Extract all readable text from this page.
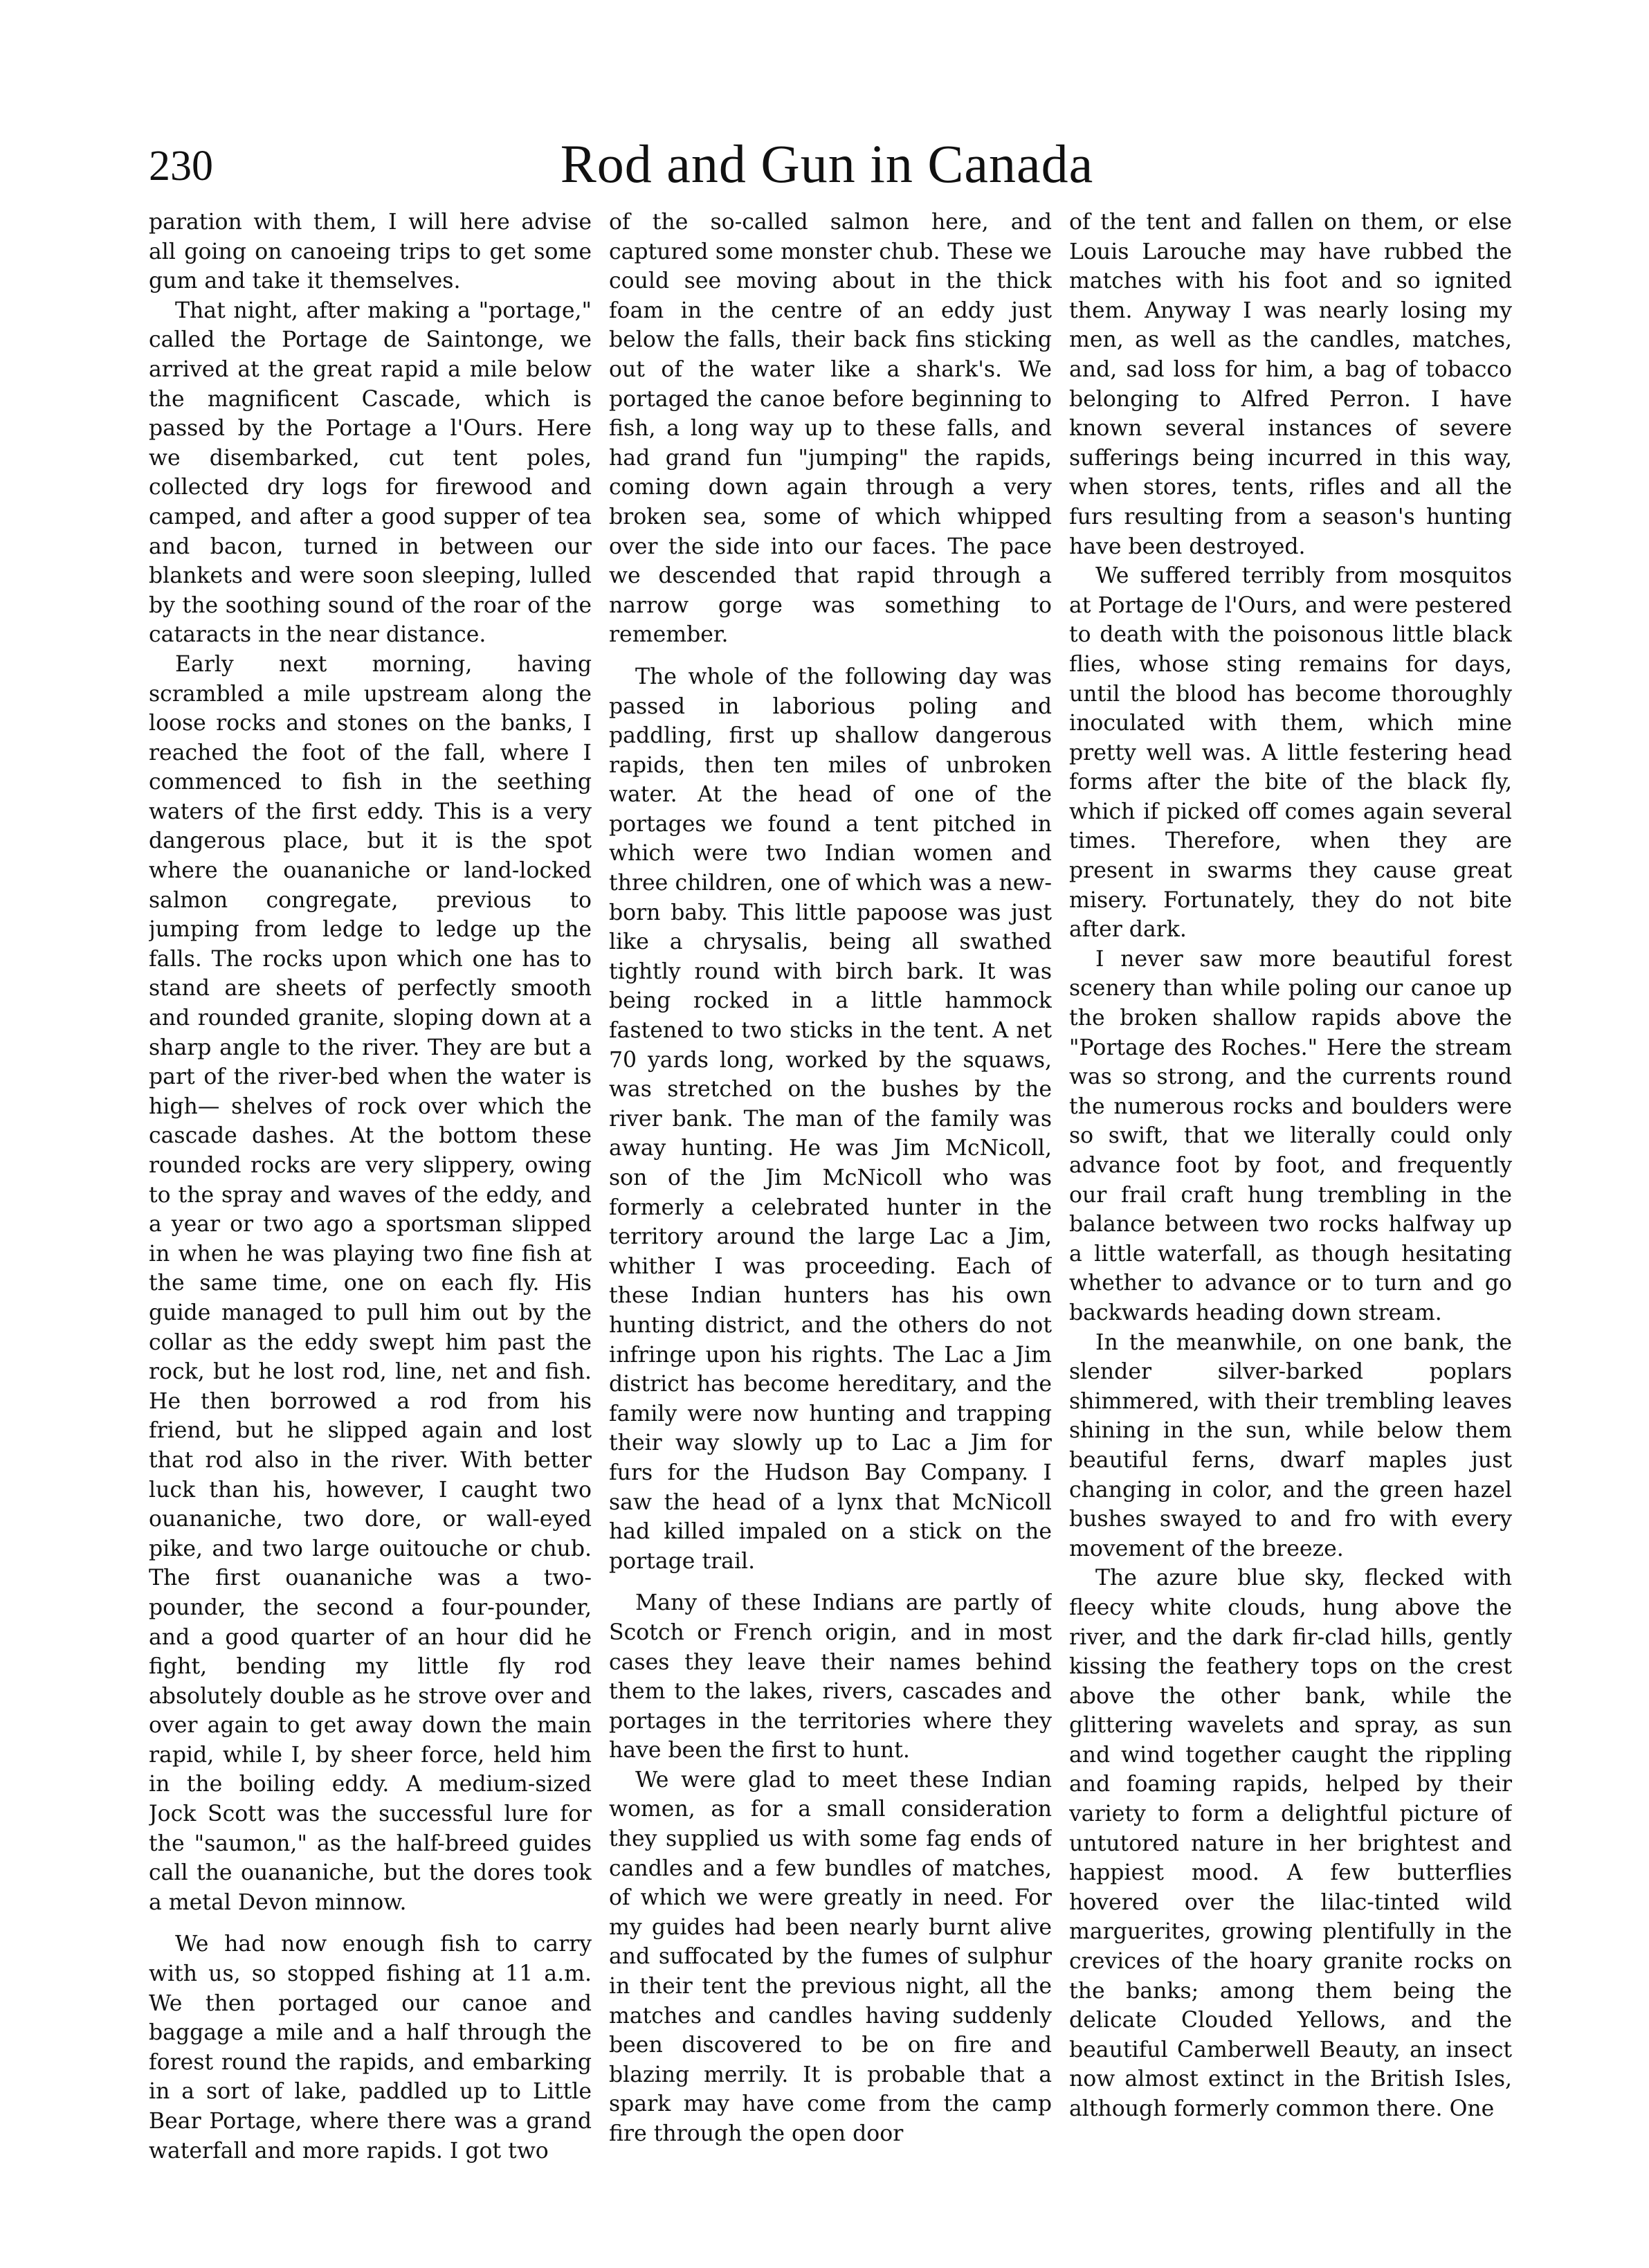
230	Rod and Gun in Canada

paration with them, I will here advise all going on canoeing trips to get some gum and take it themselves.

That night, after making a "portage," called the Portage de Saintonge, we arrived at the great rapid a mile below the magnificent Cascade, which is passed by the Portage a l'Ours. Here we disembarked, cut tent poles, collected dry logs for firewood and camped, and after a good supper of tea and bacon, turned in between our blankets and were soon sleeping, lulled by the soothing sound of the roar of the cataracts in the near distance.

Early next morning, having scrambled a mile upstream along the loose rocks and stones on the banks, I reached the foot of the fall, where I commenced to fish in the seething waters of the first eddy. This is a very dangerous place, but it is the spot where the ouananiche or land-locked salmon congregate, previous to jumping from ledge to ledge up the falls. The rocks upon which one has to stand are sheets of perfectly smooth and rounded granite, sloping down at a sharp angle to the river. They are but a part of the river-bed when the water is high— shelves of rock over which the cascade dashes. At the bottom these rounded rocks are very slippery, owing to the spray and waves of the eddy, and a year or two ago a sportsman slipped in when he was playing two fine fish at the same time, one on each fly. His guide managed to pull him out by the collar as the eddy swept him past the rock, but he lost rod, line, net and fish. He then borrowed a rod from his friend, but he slipped again and lost that rod also in the river. With better luck than his, however, I caught two ouananiche, two dore, or wall-eyed pike, and two large ouitouche or chub. The first ouananiche was a two-pounder, the second a four-pounder, and a good quarter of an hour did he fight, bending my little fly rod absolutely double as he strove over and over again to get away down the main rapid, while I, by sheer force, held him in the boiling eddy. A medium-sized Jock Scott was the successful lure for the "saumon," as the half-breed guides call the ouananiche, but the dores took a metal Devon minnow.

We had now enough fish to carry with us, so stopped fishing at 11 a.m. We then portaged our canoe and baggage a mile and a half through the forest round the rapids, and embarking in a sort of lake, paddled up to Little Bear Portage, where there was a grand waterfall and more rapids. I got two

of the so-called salmon here, and captured some monster chub. These we could see moving about in the thick foam in the centre of an eddy just below the falls, their back fins sticking out of the water like a shark's. We portaged the canoe before beginning to fish, a long way up to these falls, and had grand fun "jumping" the rapids, coming down again through a very broken sea, some of which whipped over the side into our faces. The pace we descended that rapid through a narrow gorge was something to remember.

The whole of the following day was passed in laborious poling and paddling, first up shallow dangerous rapids, then ten miles of unbroken water. At the head of one of the portages we found a tent pitched in which were two Indian women and three children, one of which was a new-born baby. This little papoose was just like a chrysalis, being all swathed tightly round with birch bark. It was being rocked in a little hammock fastened to two sticks in the tent. A net 70 yards long, worked by the squaws, was stretched on the bushes by the river bank. The man of the family was away hunting. He was Jim McNicoll, son of the Jim McNicoll who was formerly a celebrated hunter in the territory around the large Lac a Jim, whither I was proceeding. Each of these Indian hunters has his own hunting district, and the others do not infringe upon his rights. The Lac a Jim district has become hereditary, and the family were now hunting and trapping their way slowly up to Lac a Jim for furs for the Hudson Bay Company. I saw the head of a lynx that McNicoll had killed impaled on a stick on the portage trail.

Many of these Indians are partly of Scotch or French origin, and in most cases they leave their names behind them to the lakes, rivers, cascades and portages in the territories where they have been the first to hunt.

We were glad to meet these Indian women, as for a small consideration they supplied us with some fag ends of candles and a few bundles of matches, of which we were greatly in need. For my guides had been nearly burnt alive and suffocated by the fumes of sulphur in their tent the previous night, all the matches and candles having suddenly been discovered to be on fire and blazing merrily. It is probable that a spark may have come from the camp fire through the open door

of the tent and fallen on them, or else Louis Larouche may have rubbed the matches with his foot and so ignited them. Anyway I was nearly losing my men, as well as the candles, matches, and, sad loss for him, a bag of tobacco belonging to Alfred Perron. I have known several instances of severe sufferings being incurred in this way, when stores, tents, rifles and all the furs resulting from a season's hunting have been destroyed.

We suffered terribly from mosquitos at Portage de l'Ours, and were pestered to death with the poisonous little black flies, whose sting remains for days, until the blood has become thoroughly inoculated with them, which mine pretty well was. A little festering head forms after the bite of the black fly, which if picked off comes again several times. Therefore, when they are present in swarms they cause great misery. Fortunately, they do not bite after dark.

I never saw more beautiful forest scenery than while poling our canoe up the broken shallow rapids above the "Portage des Roches." Here the stream was so strong, and the currents round the numerous rocks and boulders were so swift, that we literally could only advance foot by foot, and frequently our frail craft hung trembling in the balance between two rocks halfway up a little waterfall, as though hesitating whether to advance or to turn and go backwards heading down stream.

In the meanwhile, on one bank, the slender silver-barked poplars shimmered, with their trembling leaves shining in the sun, while below them beautiful ferns, dwarf maples just changing in color, and the green hazel bushes swayed to and fro with every movement of the breeze.

The azure blue sky, flecked with fleecy white clouds, hung above the river, and the dark fir-clad hills, gently kissing the feathery tops on the crest above the other bank, while the glittering wavelets and spray, as sun and wind together caught the rippling and foaming rapids, helped by their variety to form a delightful picture of untutored nature in her brightest and happiest mood. A few butterflies hovered over the lilac-tinted wild marguerites, growing plentifully in the crevices of the hoary granite rocks on the banks; among them being the delicate Clouded Yellows, and the beautiful Camberwell Beauty, an insect now almost extinct in the British Isles, although formerly common there. One
